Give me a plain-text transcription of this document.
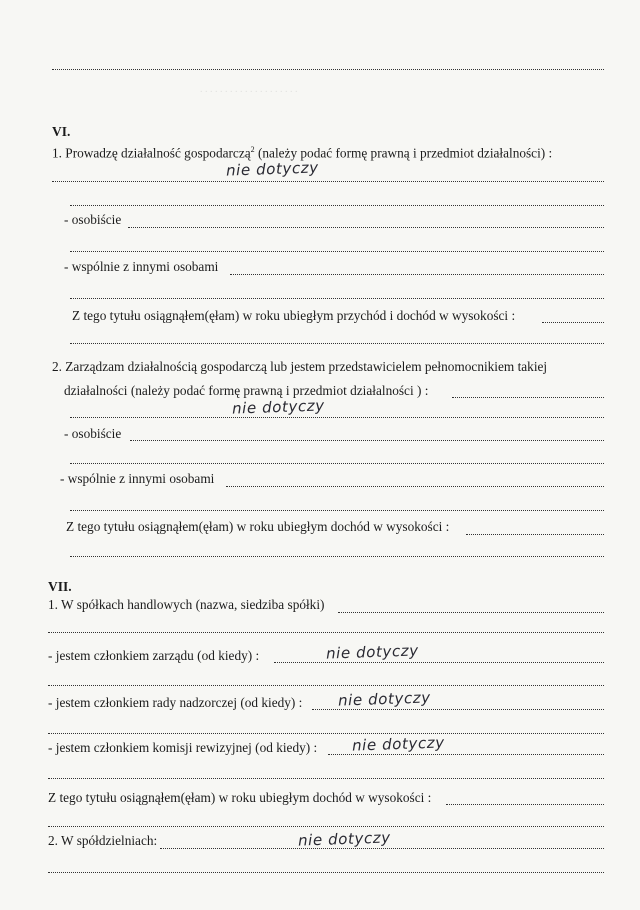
. . . . . . . . . . . . . . . . . . . .
VI.
1. Prowadzę działalność gospodarczą$^2$ (należy podać formę prawną i przedmiot działalności) :
nie dotyczy
- osobiście
- wspólnie z innymi osobami
Z tego tytułu osiągnąłem(ęłam) w roku ubiegłym przychód i dochód w wysokości :
2. Zarządzam działalnością gospodarczą lub jestem przedstawicielem pełnomocnikiem takiej
działalności (należy podać formę prawną i przedmiot działalności ) :
nie dotyczy
- osobiście
- wspólnie z innymi osobami
Z tego tytułu osiągnąłem(ęłam) w roku ubiegłym dochód w wysokości :
VII.
1. W spółkach handlowych (nazwa, siedziba spółki)
- jestem członkiem zarządu (od kiedy) :	nie dotyczy
- jestem członkiem rady nadzorczej (od kiedy) : nie dotyczy
- jestem członkiem komisji rewizyjnej (od kiedy) : nie dotyczy
Z tego tytułu osiągnąłem(ęłam) w roku ubiegłym dochód w wysokości :
2. W spółdzielniach:	nie dotyczy
